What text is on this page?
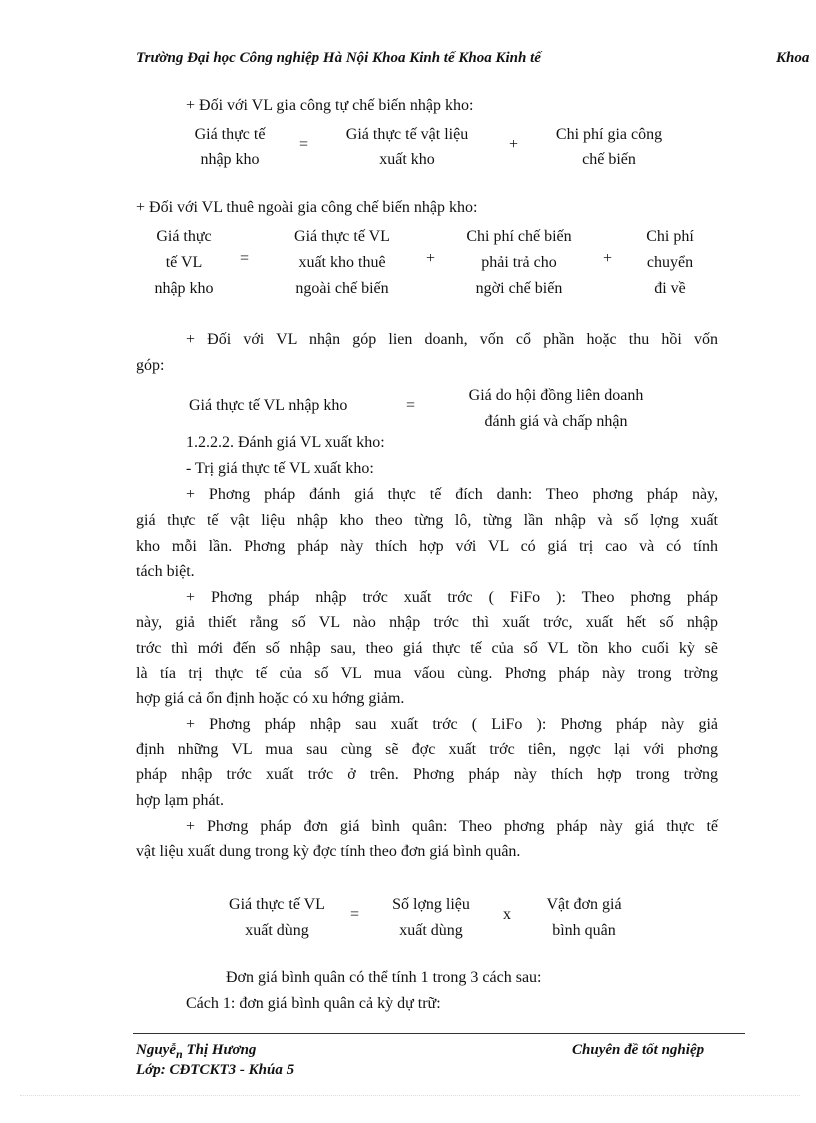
Trường Đại học Công nghiệp Hà Nội Khoa Kinh tế Khoa Kinh tế	Khoa
+ Đối với VL gia công tự chế biến nhập kho:
Giá thực tế
nhập kho
=
Giá thực tế vật liệu
xuất kho
+
Chi phí gia công
chế biến
+ Đối với VL thuê ngoài gia công chế biến nhập kho:
Giá thực
tế VL
nhập kho
=
Giá thực tế VL
xuất kho thuê
ngoài chế biến
+
Chi phí chế biến
phải trả cho
ngời chế biến
+
Chi phí
chuyển
đi về
+ Đối với VL nhận góp lien doanh, vốn cổ phần hoặc thu hồi vốn
góp:
Giá thực tế VL nhập kho	=
Giá do hội đồng liên doanh
đánh giá và chấp nhận
1.2.2.2. Đánh giá VL xuất kho:
- Trị giá thực tế VL xuất kho:
+ Phơng pháp đánh giá thực tế đích danh: Theo phơng pháp này,
giá thực tế vật liệu nhập kho theo từng lô, từng lần nhập và số lợng xuất
kho mỗi lần. Phơng pháp này thích hợp với VL có giá trị cao và có tính
tách biệt.
+ Phơng pháp nhập trớc xuất trớc ( FiFo ): Theo phơng pháp
này, giả thiết rằng số VL nào nhập trớc thì xuất trớc, xuất hết số nhập
trớc thì mới đến số nhập sau, theo giá thực tế của số VL tồn kho cuối kỳ sẽ
là tía trị thực tế của số VL mua vấou cùng. Phơng pháp này trong trờng
hợp giá cả ổn định hoặc có xu hớng giảm.
+ Phơng pháp nhập sau xuất trớc ( LiFo ): Phơng pháp này giả
định những VL mua sau cùng sẽ đợc xuất trớc tiên, ngợc lại với phơng
pháp nhập trớc xuất trớc ở trên. Phơng pháp này thích hợp trong trờng
hợp lạm phát.
+ Phơng pháp đơn giá bình quân: Theo phơng pháp này giá thực tế
vật liệu xuất dung trong kỳ đợc tính theo đơn giá bình quân.
Giá thực tế VL
xuất dùng
=
Số lợng liệu
xuất dùng
x
Vật đơn giá
bình quân
Đơn giá bình quân có thể tính 1 trong 3 cách sau:
Cách 1: đơn giá bình quân cả kỳ dự trữ:
Nguyễ$_n$ Thị Hương
Lớp: CĐTCKT3 - Khúa 5
Chuyên đề tốt nghiệp
